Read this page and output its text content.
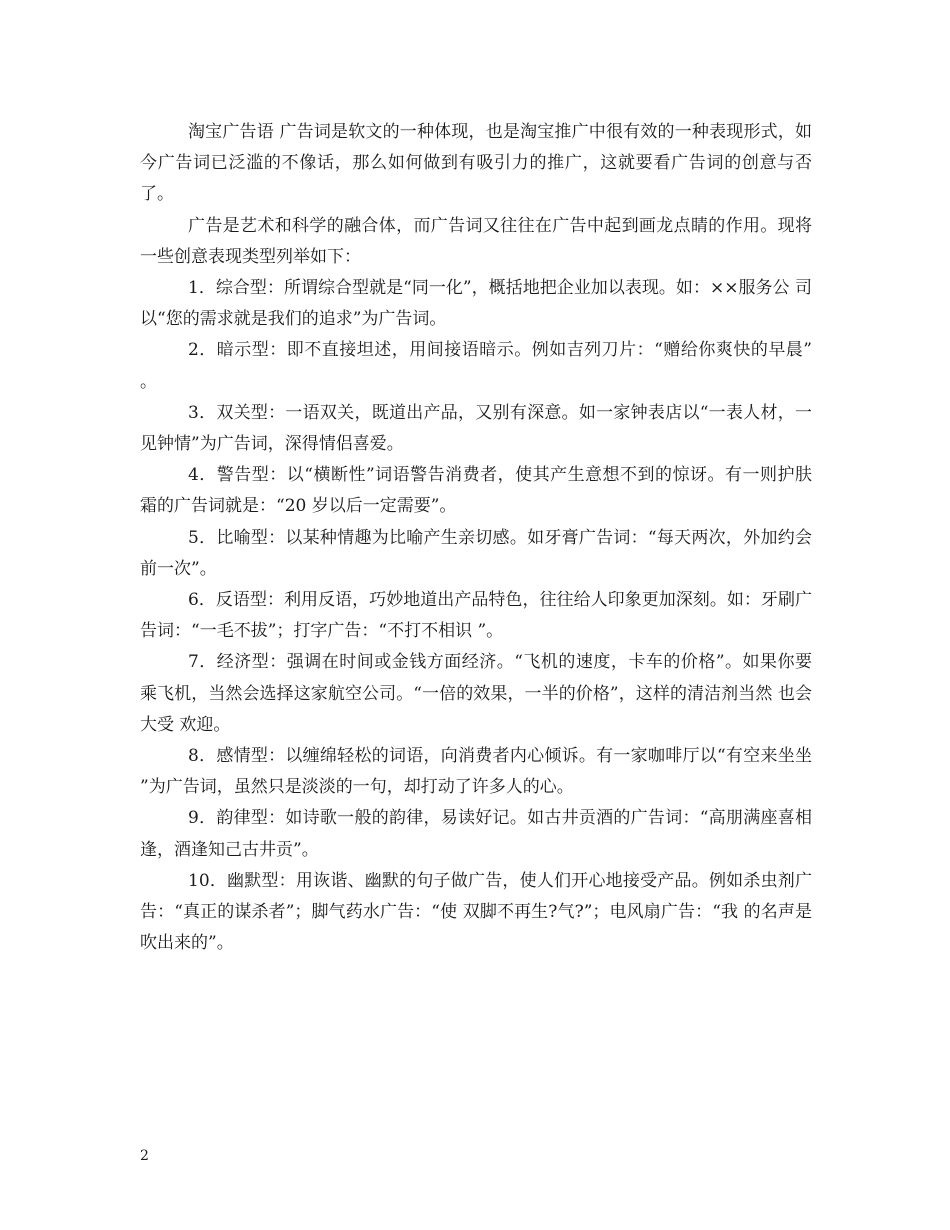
淘宝广告语 广告词是软文的一种体现，也是淘宝推广中很有效的一种表现形式，如今广告词已泛滥的不像话，那么如何做到有吸引力的推广，这就要看广告词的创意与否了。

广告是艺术和科学的融合体，而广告词又往往在广告中起到画龙点睛的作用。现将一些创意表现类型列举如下：

1．综合型：所谓综合型就是“同一化”，概括地把企业加以表现。如：××服务公 司以“您的需求就是我们的追求”为广告词。

2．暗示型：即不直接坦述，用间接语暗示。例如吉列刀片：“赠给你爽快的早晨” 。

3．双关型：一语双关，既道出产品，又别有深意。如一家钟表店以“一表人材，一 见钟情”为广告词，深得情侣喜爱。

4．警告型：以“横断性”词语警告消费者，使其产生意想不到的惊讶。有一则护肤 霜的广告词就是：“20 岁以后一定需要”。

5．比喻型：以某种情趣为比喻产生亲切感。如牙膏广告词：“每天两次，外加约会 前一次”。

6．反语型：利用反语，巧妙地道出产品特色，往往给人印象更加深刻。如：牙刷广 告词：“一毛不拔”；打字广告：“不打不相识 ”。

7．经济型：强调在时间或金钱方面经济。“飞机的速度，卡车的价格”。如果你要 乘飞机，当然会选择这家航空公司。“一倍的效果，一半的价格”，这样的清洁剂当然 也会大受 欢迎。

8．感情型：以缠绵轻松的词语，向消费者内心倾诉。有一家咖啡厅以“有空来坐坐 ”为广告词，虽然只是淡淡的一句，却打动了许多人的心。

9．韵律型：如诗歌一般的韵律，易读好记。如古井贡酒的广告词：“高朋满座喜相 逢，酒逢知己古井贡”。

10．幽默型：用诙谐、幽默的句子做广告，使人们开心地接受产品。例如杀虫剂广 告：“真正的谋杀者”；脚气药水广告：“使 双脚不再生?气?”；电风扇广告：“我 的名声是吹出来的”。

2
